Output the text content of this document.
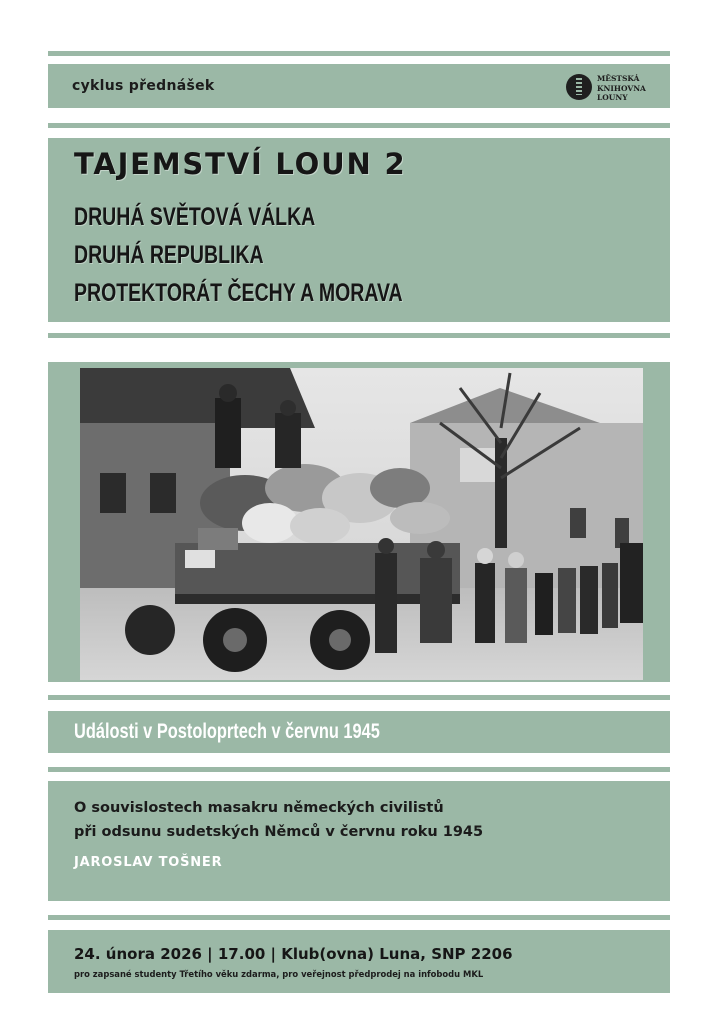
cyklus přednášek	MĚSTSKÁ
KNIHOVNA
LOUNY
TAJEMSTVÍ LOUN 2
DRUHÁ SVĚTOVÁ VÁLKA
DRUHÁ REPUBLIKA
PROTEKTORÁT ČECHY A MORAVA
Události v Postoloprtech v červnu 1945
O souvislostech masakru německých civilistů
při odsunu sudetských Němců v červnu roku 1945
JAROSLAV TOŠNER
24. února 2026 | 17.00 | Klub(ovna) Luna, SNP 2206
pro zapsané studenty Třetího věku zdarma, pro veřejnost předprodej na infobodu MKL
